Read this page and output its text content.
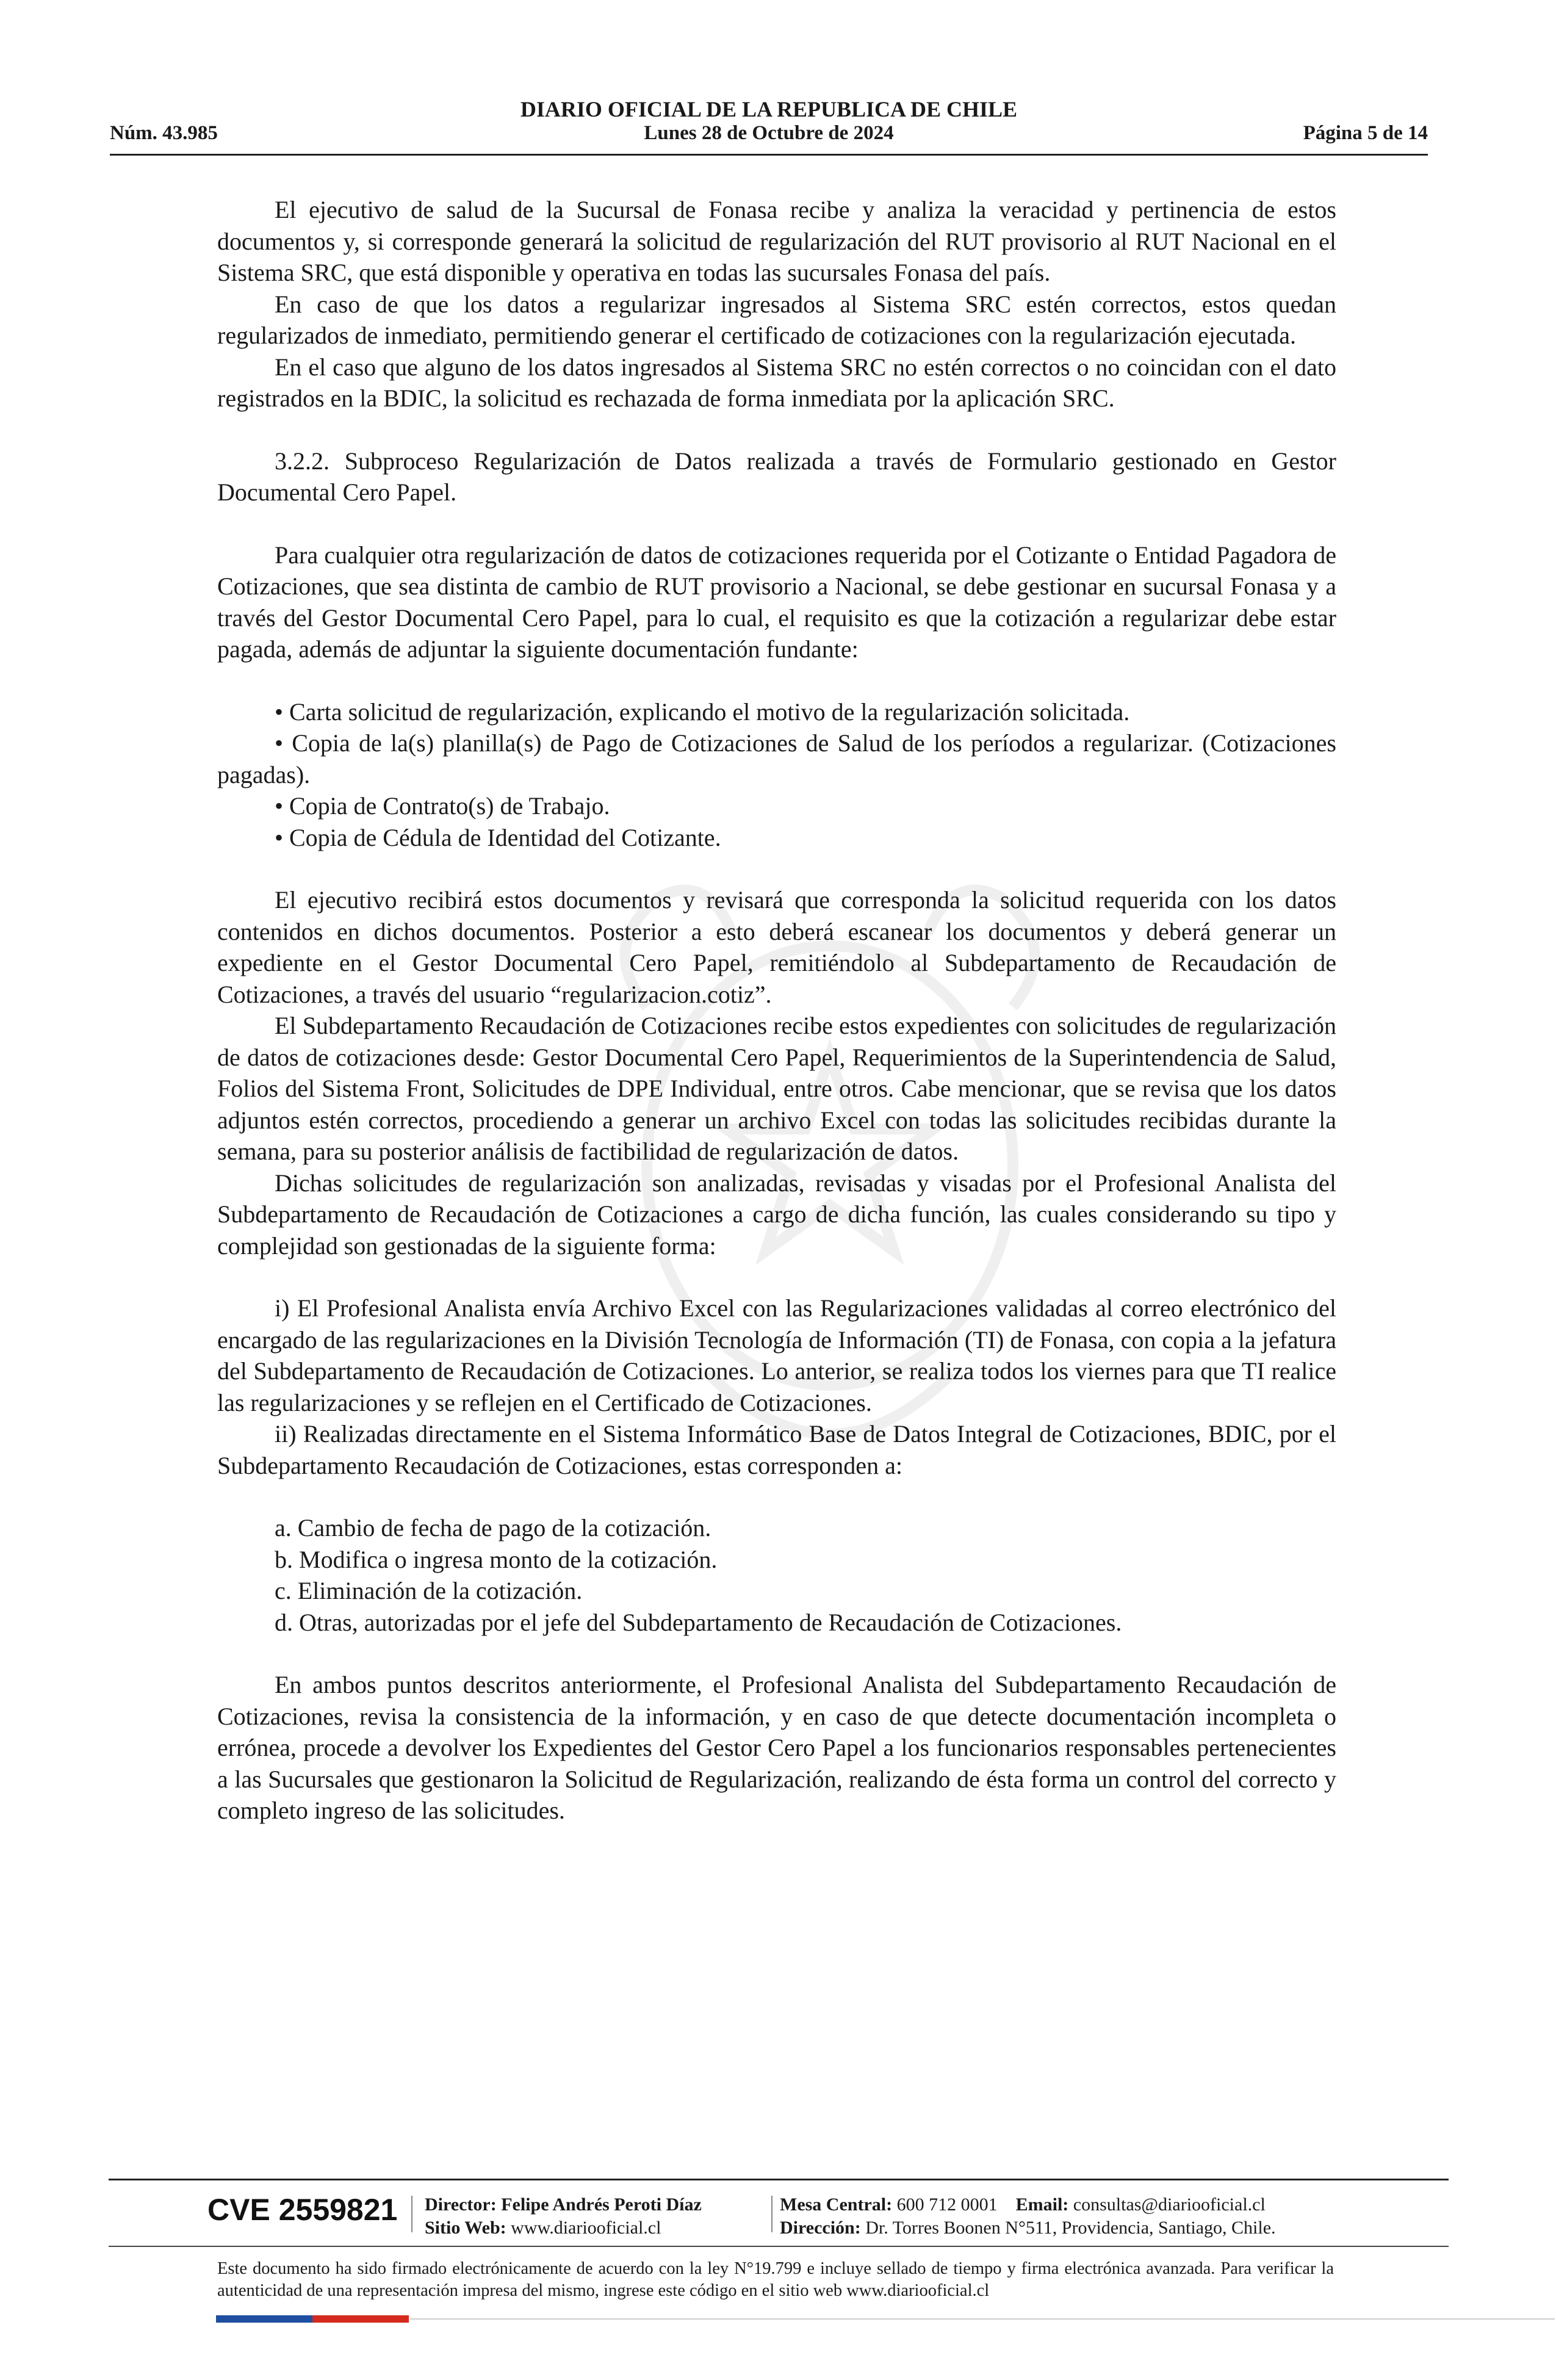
DIARIO OFICIAL DE LA REPUBLICA DE CHILE
Núm. 43.985	Lunes 28 de Octubre de 2024	Página 5 de 14

El ejecutivo de salud de la Sucursal de Fonasa recibe y analiza la veracidad y pertinencia de estos documentos y, si corresponde generará la solicitud de regularización del RUT provisorio al RUT Nacional en el Sistema SRC, que está disponible y operativa en todas las sucursales Fonasa del país.

En caso de que los datos a regularizar ingresados al Sistema SRC estén correctos, estos quedan regularizados de inmediato, permitiendo generar el certificado de cotizaciones con la regularización ejecutada.

En el caso que alguno de los datos ingresados al Sistema SRC no estén correctos o no coincidan con el dato registrados en la BDIC, la solicitud es rechazada de forma inmediata por la aplicación SRC.

3.2.2. Subproceso Regularización de Datos realizada a través de Formulario gestionado en Gestor Documental Cero Papel.

Para cualquier otra regularización de datos de cotizaciones requerida por el Cotizante o Entidad Pagadora de Cotizaciones, que sea distinta de cambio de RUT provisorio a Nacional, se debe gestionar en sucursal Fonasa y a través del Gestor Documental Cero Papel, para lo cual, el requisito es que la cotización a regularizar debe estar pagada, además de adjuntar la siguiente documentación fundante:

• Carta solicitud de regularización, explicando el motivo de la regularización solicitada.

• Copia de la(s) planilla(s) de Pago de Cotizaciones de Salud de los períodos a regularizar. (Cotizaciones pagadas).

• Copia de Contrato(s) de Trabajo.

• Copia de Cédula de Identidad del Cotizante.

El ejecutivo recibirá estos documentos y revisará que corresponda la solicitud requerida con los datos contenidos en dichos documentos. Posterior a esto deberá escanear los documentos y deberá generar un expediente en el Gestor Documental Cero Papel, remitiéndolo al Subdepartamento de Recaudación de Cotizaciones, a través del usuario “regularizacion.cotiz”.

El Subdepartamento Recaudación de Cotizaciones recibe estos expedientes con solicitudes de regularización de datos de cotizaciones desde: Gestor Documental Cero Papel, Requerimientos de la Superintendencia de Salud, Folios del Sistema Front, Solicitudes de DPE Individual, entre otros. Cabe mencionar, que se revisa que los datos adjuntos estén correctos, procediendo a generar un archivo Excel con todas las solicitudes recibidas durante la semana, para su posterior análisis de factibilidad de regularización de datos.

Dichas solicitudes de regularización son analizadas, revisadas y visadas por el Profesional Analista del Subdepartamento de Recaudación de Cotizaciones a cargo de dicha función, las cuales considerando su tipo y complejidad son gestionadas de la siguiente forma:

i) El Profesional Analista envía Archivo Excel con las Regularizaciones validadas al correo electrónico del encargado de las regularizaciones en la División Tecnología de Información (TI) de Fonasa, con copia a la jefatura del Subdepartamento de Recaudación de Cotizaciones. Lo anterior, se realiza todos los viernes para que TI realice las regularizaciones y se reflejen en el Certificado de Cotizaciones.

ii) Realizadas directamente en el Sistema Informático Base de Datos Integral de Cotizaciones, BDIC, por el Subdepartamento Recaudación de Cotizaciones, estas corresponden a:

a. Cambio de fecha de pago de la cotización.

b. Modifica o ingresa monto de la cotización.

c. Eliminación de la cotización.

d. Otras, autorizadas por el jefe del Subdepartamento de Recaudación de Cotizaciones.

En ambos puntos descritos anteriormente, el Profesional Analista del Subdepartamento Recaudación de Cotizaciones, revisa la consistencia de la información, y en caso de que detecte documentación incompleta o errónea, procede a devolver los Expedientes del Gestor Cero Papel a los funcionarios responsables pertenecientes a las Sucursales que gestionaron la Solicitud de Regularización, realizando de ésta forma un control del correcto y completo ingreso de las solicitudes.

CVE 2559821 Director: Felipe Andrés Peroti Díaz
Sitio Web: www.diariooficial.cl
Mesa Central: 600 712 0001 Email: consultas@diariooficial.cl
Dirección: Dr. Torres Boonen N°511, Providencia, Santiago, Chile.
Este documento ha sido firmado electrónicamente de acuerdo con la ley N°19.799 e incluye sellado de tiempo y firma electrónica avanzada. Para verificar la autenticidad de una representación impresa del mismo, ingrese este código en el sitio web www.diariooficial.cl
